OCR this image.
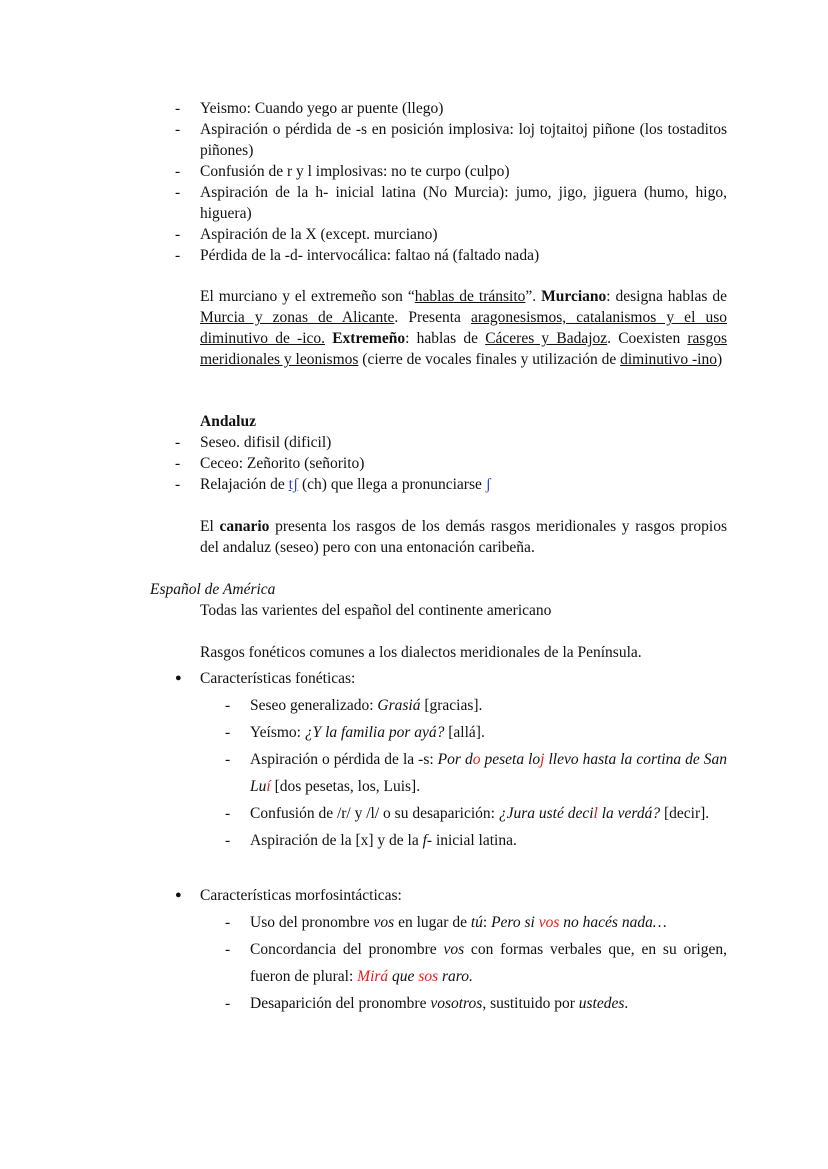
- Yeismo: Cuando yego ar puente (llego)
- Aspiración o pérdida de -s en posición implosiva: loj tojtaitoj piñone (los tostaditos piñones)
- Confusión de r y l implosivas: no te curpo (culpo)
- Aspiración de la h- inicial latina (No Murcia): jumo, jigo, jiguera (humo, higo, higuera)
- Aspiración de la X (except. murciano)
- Pérdida de la -d- intervocálica: faltao ná (faltado nada)
El murciano y el extremeño son “hablas de tránsito”. Murciano: designa hablas de Murcia y zonas de Alicante. Presenta aragonesismos, catalanismos y el uso diminutivo de -ico. Extremeño: hablas de Cáceres y Badajoz. Coexisten rasgos meridionales y leonismos (cierre de vocales finales y utilización de diminutivo -ino)
Andaluz
- Seseo. difisil (dificil)
- Ceceo: Zeñorito (señorito)
- Relajación de tʃ (ch) que llega a pronunciarse ʃ
El canario presenta los rasgos de los demás rasgos meridionales y rasgos propios del andaluz (seseo) pero con una entonación caribeña.
Español de América
Todas las varientes del español del continente americano
Rasgos fonéticos comunes a los dialectos meridionales de la Península.
● Características fonéticas:
- Seseo generalizado: Grasiá [gracias].
- Yeísmo: ¿Y la familia por ayá? [allá].
- Aspiración o pérdida de la -s: Por do peseta loj llevo hasta la cortina de San Luí [dos pesetas, los, Luis].
- Confusión de /r/ y /l/ o su desaparición: ¿Jura usté decil la verdá? [decir].
- Aspiración de la [x] y de la f- inicial latina.
● Características morfosintácticas:
- Uso del pronombre vos en lugar de tú: Pero si vos no hacés nada…
- Concordancia del pronombre vos con formas verbales que, en su origen, fueron de plural: Mirá que sos raro.
- Desaparición del pronombre vosotros, sustituido por ustedes.
